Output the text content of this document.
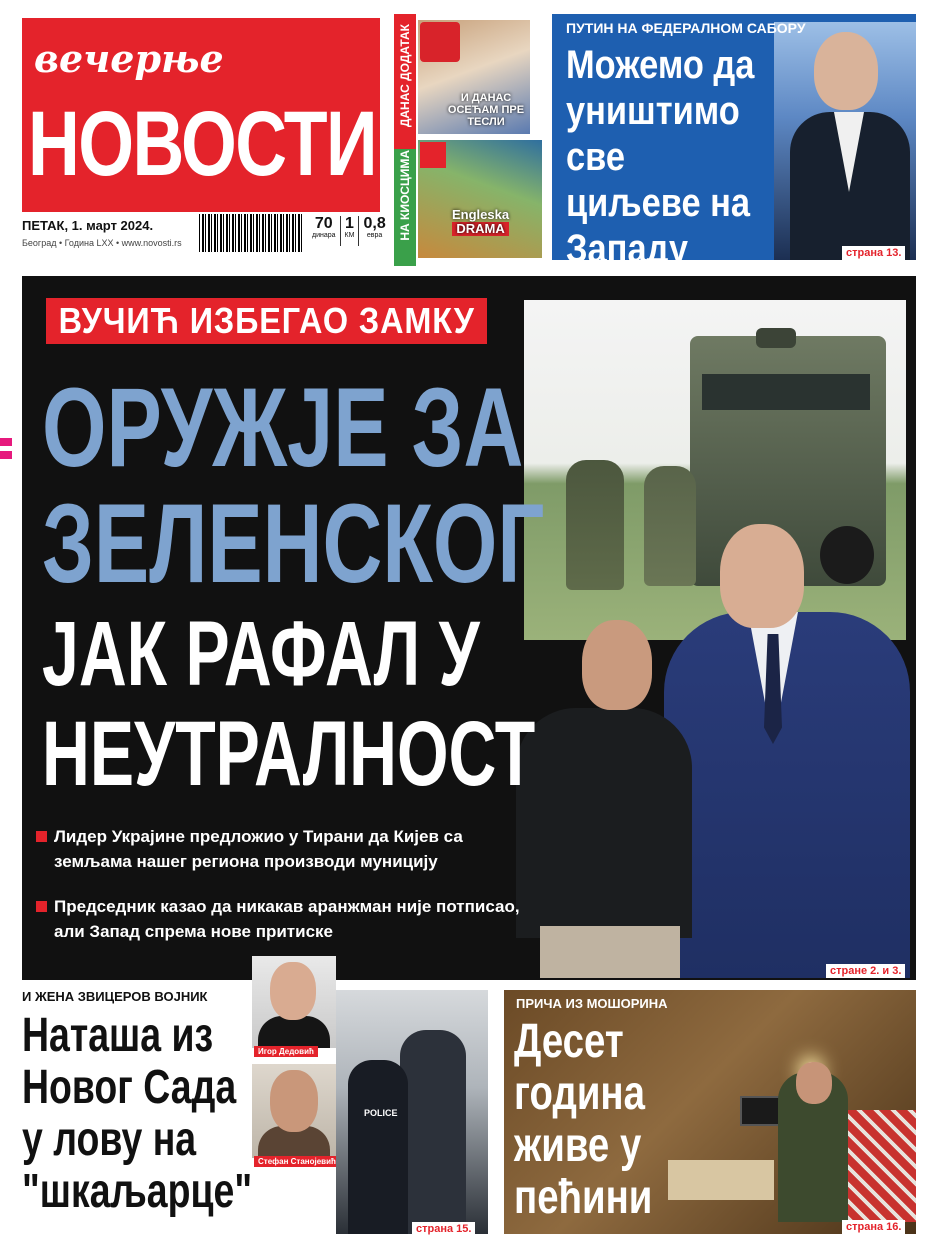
вечерње
НОВОСТИ
ПЕТАК, 1. март 2024.
Београд • Година LXX • www.novosti.rs
70
динара
1
КМ
0,8
евра
ДАНАС ДОДАТАК
НА КИОСЦИМА
И ДАНАС ОСЕЋАМ ПРЕ ТЕСЛИ
Engleska
DRAMA
ПУТИН НА ФЕДЕРАЛНОМ САБОРУ
Можемо да уништимо све циљеве на Западу	страна 13.
ВУЧИЋ ИЗБЕГАО ЗАМКУ
ОРУЖЈЕ ЗА
ЗЕЛЕНСКОГ
ЈАК РАФАЛ У
НЕУТРАЛНОСТ
Лидер Украјине предложио у Тирани да Кијев са земљама нашег региона производи муницију
Председник казао да никакав аранжман није потписао, али Запад спрема нове притиске
стране 2. и 3.
И ЖЕНА ЗВИЦЕРОВ ВОЈНИК
Наташа из
Новог Сада
у лову на
"шкаљарце"
Игор Дедовић
Стефан Станојевић
POLICE
страна 15.
ПРИЧА ИЗ МОШОРИНА
Десет
година
живе у
пећини
страна 16.
